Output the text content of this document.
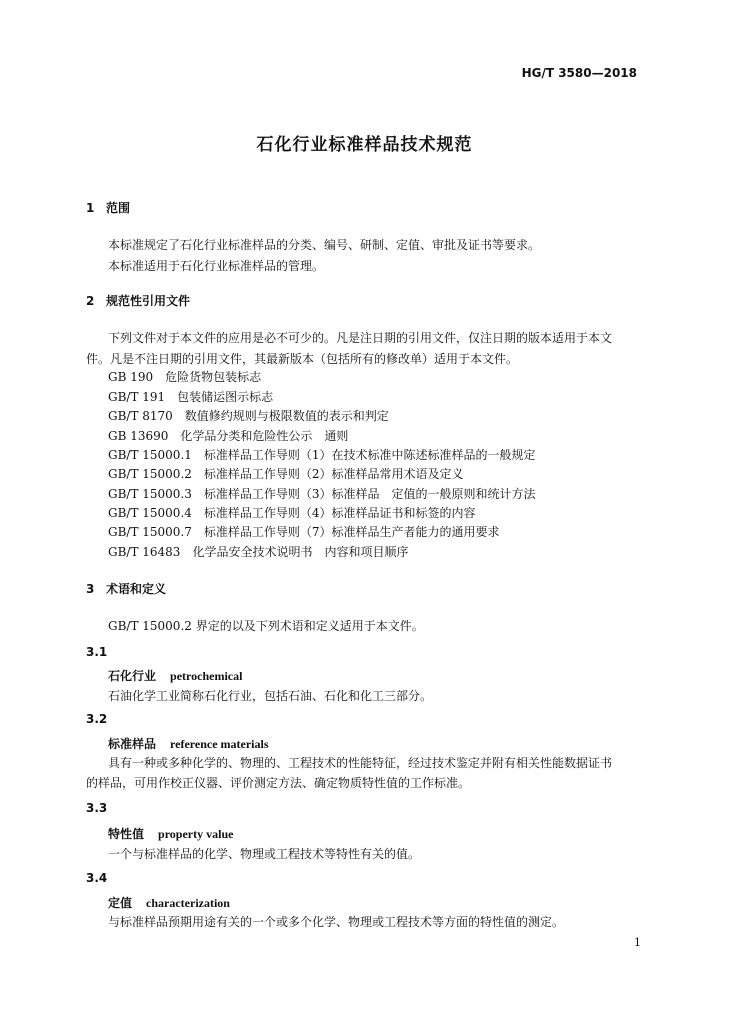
HG/T 3580—2018
石化行业标准样品技术规范
1 范围
本标准规定了石化行业标准样品的分类、编号、研制、定值、审批及证书等要求。
本标准适用于石化行业标准样品的管理。
2 规范性引用文件
下列文件对于本文件的应用是必不可少的。凡是注日期的引用文件，仅注日期的版本适用于本文
件。凡是不注日期的引用文件，其最新版本（包括所有的修改单）适用于本文件。
GB 190　危险货物包装标志
GB/T 191　包装储运图示标志
GB/T 8170　数值修约规则与极限数值的表示和判定
GB 13690　化学品分类和危险性公示　通则
GB/T 15000.1　标准样品工作导则（1）在技术标准中陈述标准样品的一般规定
GB/T 15000.2　标准样品工作导则（2）标准样品常用术语及定义
GB/T 15000.3　标准样品工作导则（3）标准样品　定值的一般原则和统计方法
GB/T 15000.4　标准样品工作导则（4）标准样品证书和标签的内容
GB/T 15000.7　标准样品工作导则（7）标准样品生产者能力的通用要求
GB/T 16483　化学品安全技术说明书　内容和项目顺序
3 术语和定义
GB/T 15000.2 界定的以及下列术语和定义适用于本文件。
3.1
石化行业 petrochemical
石油化学工业简称石化行业，包括石油、石化和化工三部分。
3.2
标准样品 reference materials
具有一种或多种化学的、物理的、工程技术的性能特征，经过技术鉴定并附有相关性能数据证书
的样品，可用作校正仪器、评价测定方法、确定物质特性值的工作标准。
3.3
特性值 property value
一个与标准样品的化学、物理或工程技术等特性有关的值。
3.4
定值 characterization
与标准样品预期用途有关的一个或多个化学、物理或工程技术等方面的特性值的测定。
1
